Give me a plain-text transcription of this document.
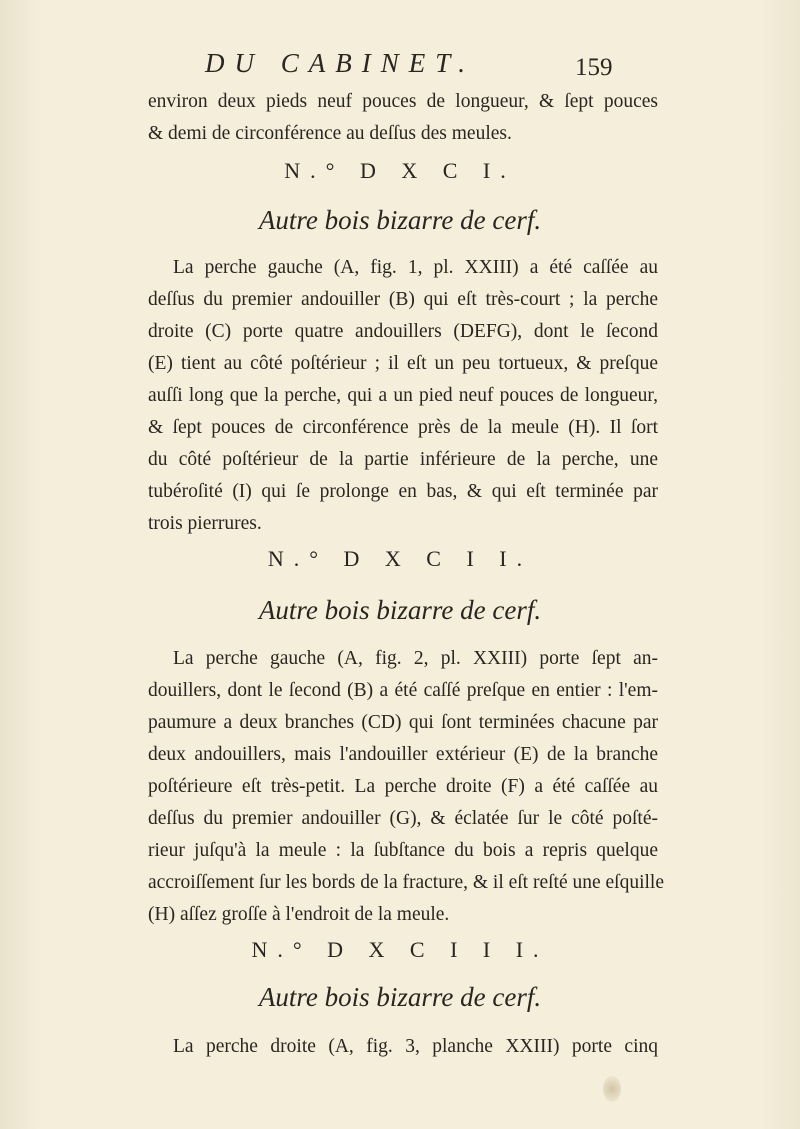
DU CABINET.	159
environ deux pieds neuf pouces de longueur, & ſept pouces
& demi de circonférence au deſſus des meules.
N.° D X C I.
Autre bois bizarre de cerf.
La perche gauche (A, fig. 1, pl. XXIII) a été caſſée au
deſſus du premier andouiller (B) qui eſt très-court ; la perche
droite (C) porte quatre andouillers (DEFG), dont le ſecond
(E) tient au côté poſtérieur ; il eſt un peu tortueux, & preſque
auſſi long que la perche, qui a un pied neuf pouces de longueur,
& ſept pouces de circonférence près de la meule (H). Il ſort
du côté poſtérieur de la partie inférieure de la perche, une
tubéroſité (I) qui ſe prolonge en bas, & qui eſt terminée par
trois pierrures.
N.° D X C I I.
Autre bois bizarre de cerf.
La perche gauche (A, fig. 2, pl. XXIII) porte ſept an-
douillers, dont le ſecond (B) a été caſſé preſque en entier : l'em-
paumure a deux branches (CD) qui ſont terminées chacune par
deux andouillers, mais l'andouiller extérieur (E) de la branche
poſtérieure eſt très-petit. La perche droite (F) a été caſſée au
deſſus du premier andouiller (G), & éclatée ſur le côté poſté-
rieur juſqu'à la meule : la ſubſtance du bois a repris quelque
accroiſſement ſur les bords de la fracture, & il eſt reſté une eſquille
(H) aſſez groſſe à l'endroit de la meule.
N.° D X C I I I.
Autre bois bizarre de cerf.
La perche droite (A, fig. 3, planche XXIII) porte cinq
